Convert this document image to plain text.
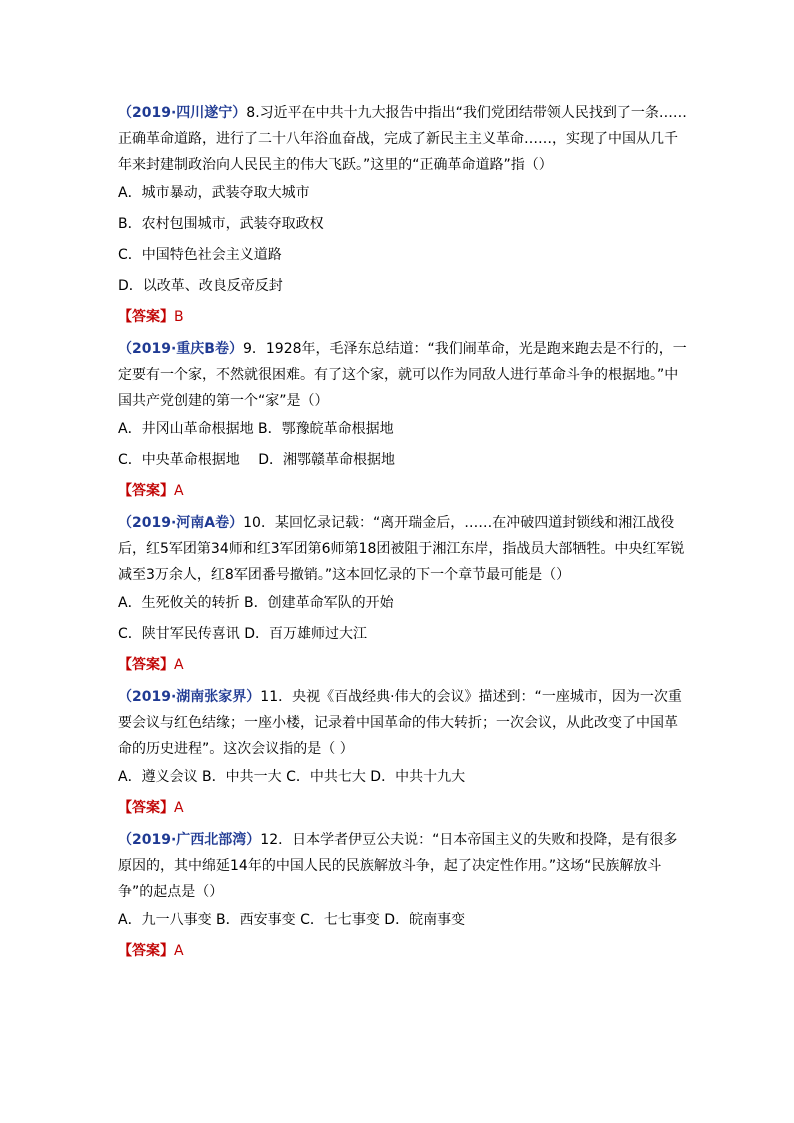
（2019·四川遂宁）8.习近平在中共十九大报告中指出“我们党团结带领人民找到了一条……正确革命道路，进行了二十八年浴血奋战，完成了新民主主义革命……，实现了中国从几千年来封建制政治向人民民主的伟大飞跃。”这里的“正确革命道路”指（）

A．城市暴动，武装夺取大城市

B．农村包围城市，武装夺取政权

C．中国特色社会主义道路

D．以改革、改良反帝反封

【答案】B

（2019·重庆B卷）9．1928年，毛泽东总结道：“我们闹革命，光是跑来跑去是不行的，一定要有一个家，不然就很困难。有了这个家，就可以作为同敌人进行革命斗争的根据地。”中国共产党创建的第一个“家”是（）

A．井冈山革命根据地 B．鄂豫皖革命根据地

C．中央革命根据地　 D．湘鄂赣革命根据地

【答案】A

（2019·河南A卷）10．某回忆录记载：“离开瑞金后，……在冲破四道封锁线和湘江战役后，红5军团第34师和红3军团第6师第18团被阻于湘江东岸，指战员大部牺牲。中央红军锐减至3万余人，红8军团番号撤销。”这本回忆录的下一个章节最可能是（）

A．生死攸关的转折 B．创建革命军队的开始

C．陕甘军民传喜讯 D．百万雄师过大江

【答案】A

（2019·湖南张家界）11．央视《百战经典·伟大的会议》描述到：“一座城市，因为一次重要会议与红色结缘；一座小楼，记录着中国革命的伟大转折；一次会议，从此改变了中国革命的历史进程”。这次会议指的是（ ）

A．遵义会议 B．中共一大 C．中共七大 D．中共十九大

【答案】A

（2019·广西北部湾）12．日本学者伊豆公夫说：“日本帝国主义的失败和投降，是有很多原因的，其中绵延14年的中国人民的民族解放斗争，起了决定性作用。”这场“民族解放斗争”的起点是（）

A．九一八事变 B．西安事变 C．七七事变 D．皖南事变

【答案】A
